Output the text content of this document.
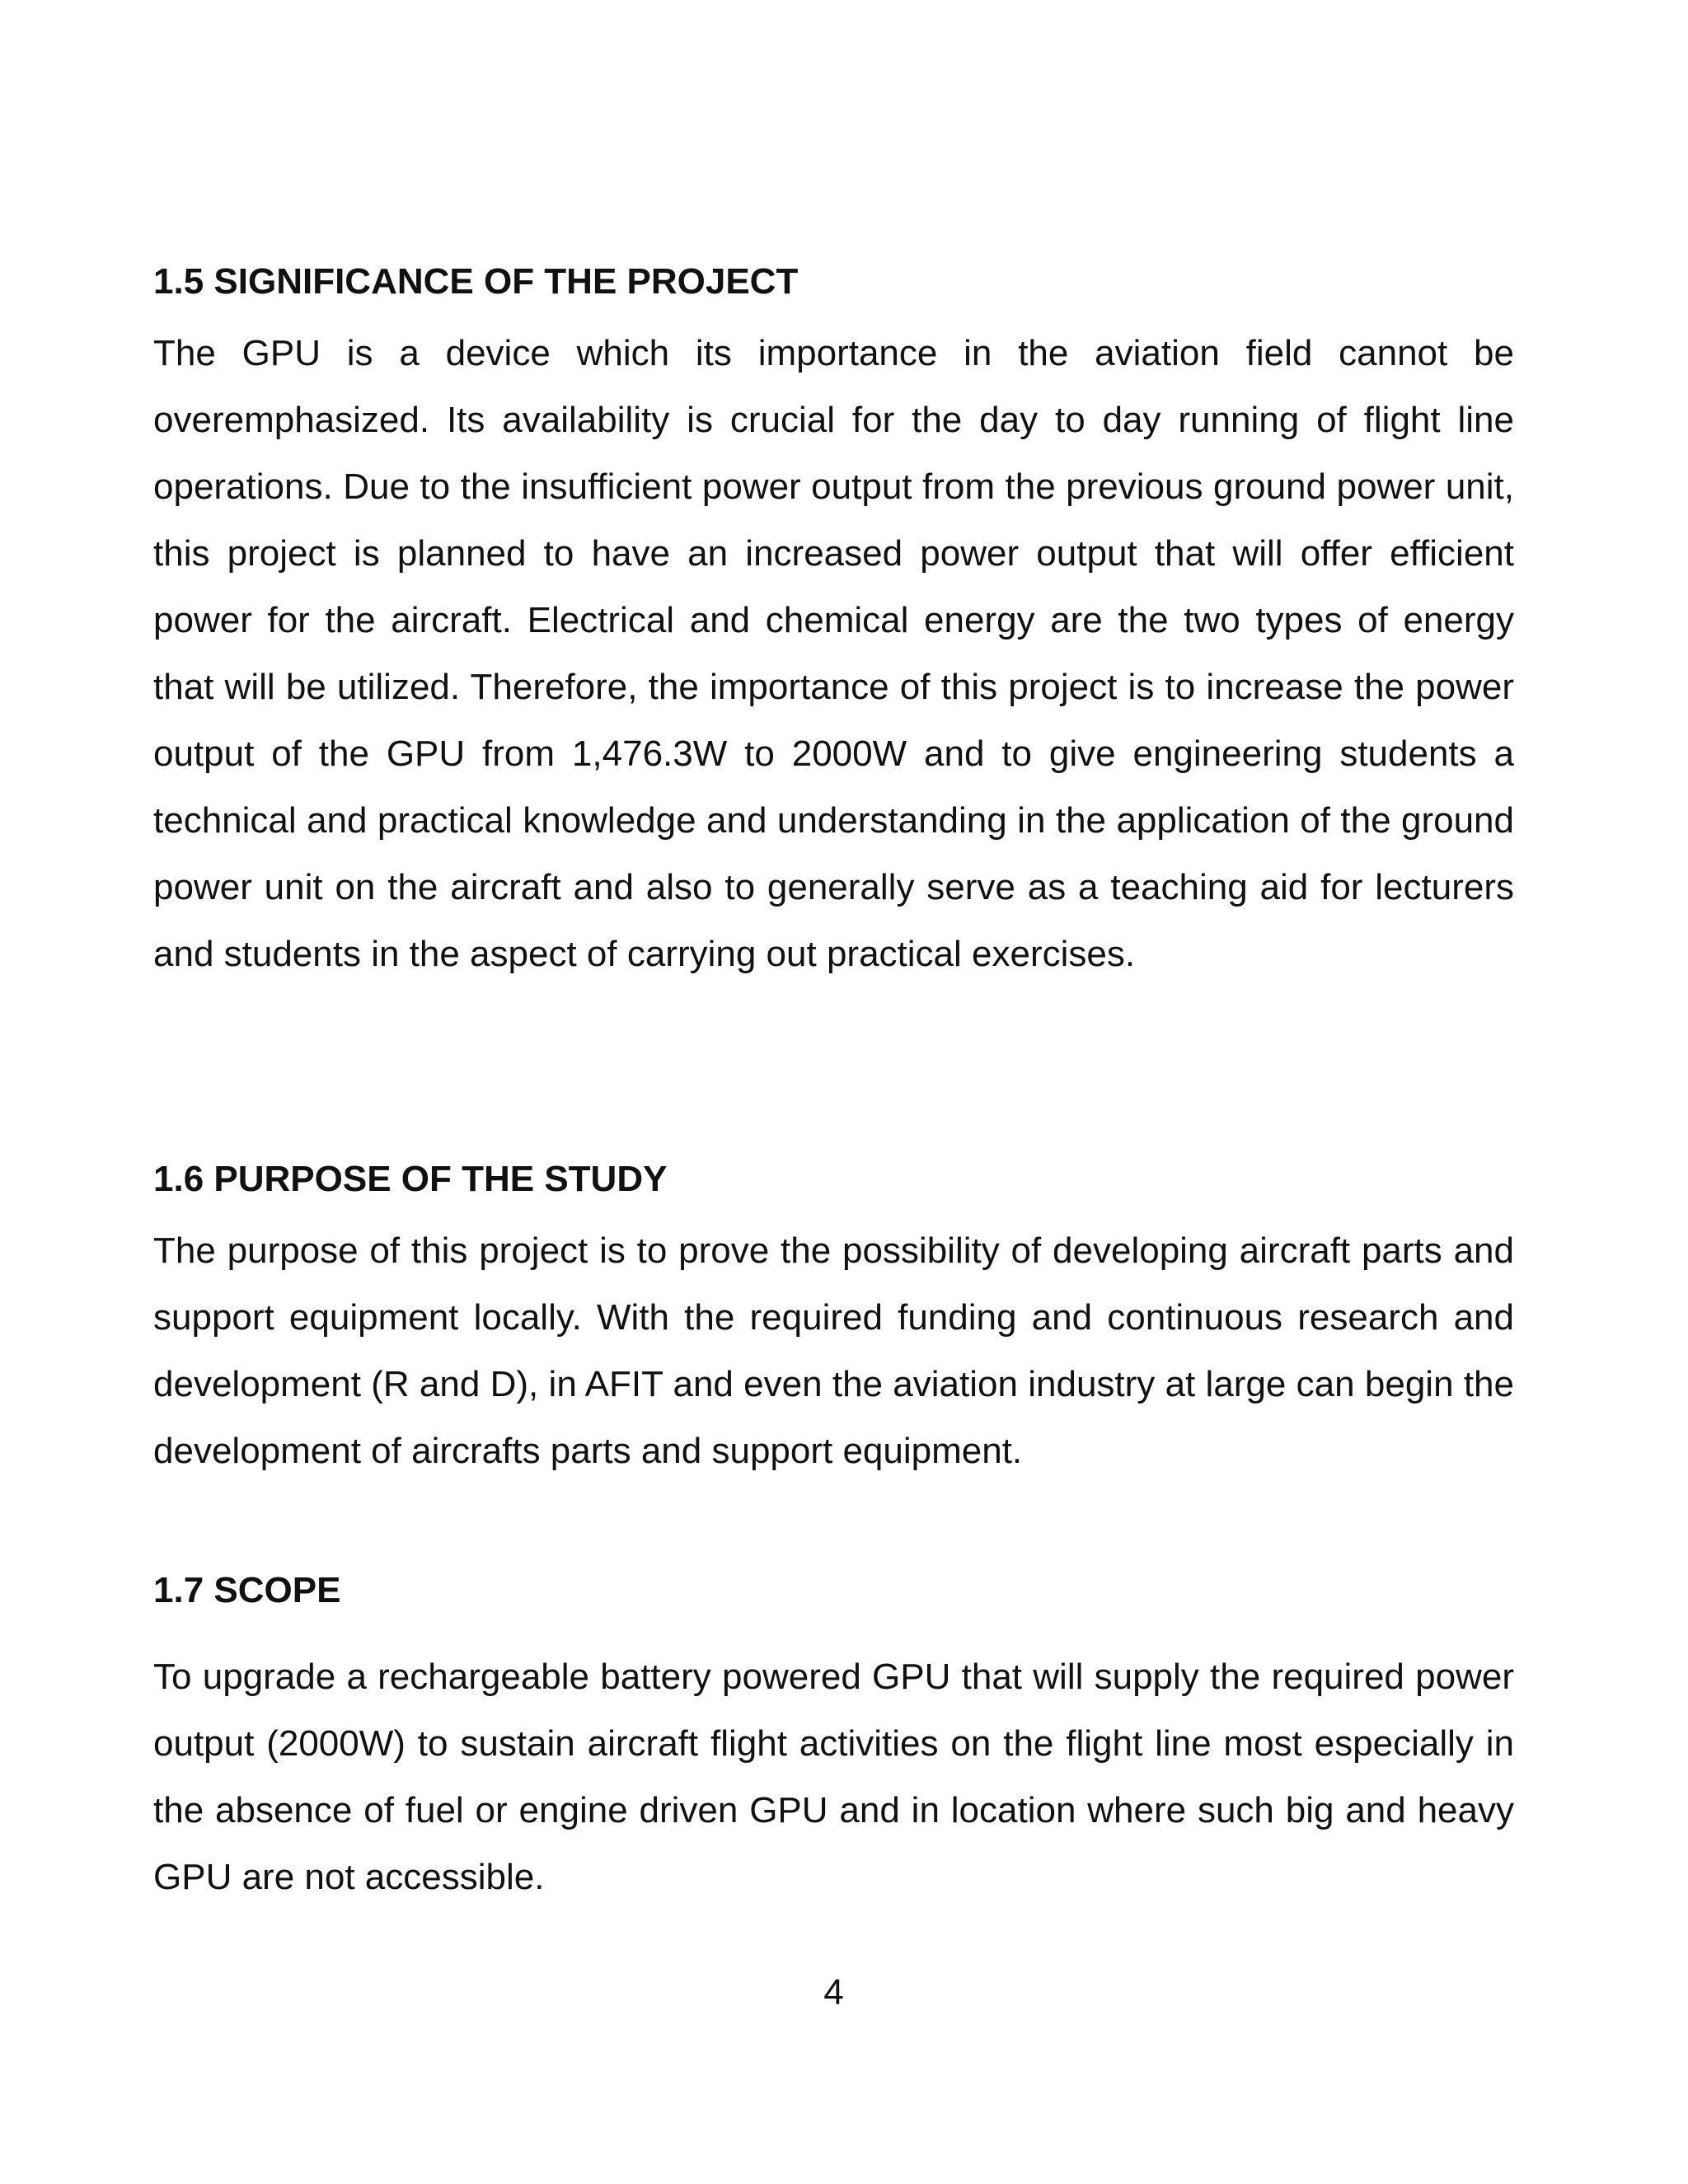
1.5 SIGNIFICANCE OF THE PROJECT

The GPU is a device which its importance in the aviation field cannot be overemphasized. Its availability is crucial for the day to day running of flight line operations. Due to the insufficient power output from the previous ground power unit, this project is planned to have an increased power output that will offer efficient power for the aircraft. Electrical and chemical energy are the two types of energy that will be utilized. Therefore, the importance of this project is to increase the power output of the GPU from 1,476.3W to 2000W and to give engineering students a technical and practical knowledge and understanding in the application of the ground power unit on the aircraft and also to generally serve as a teaching aid for lecturers and students in the aspect of carrying out practical exercises.

1.6 PURPOSE OF THE STUDY

The purpose of this project is to prove the possibility of developing aircraft parts and support equipment locally. With the required funding and continuous research and development (R and D), in AFIT and even the aviation industry at large can begin the development of aircrafts parts and support equipment.

1.7 SCOPE

To upgrade a rechargeable battery powered GPU that will supply the required power output (2000W) to sustain aircraft flight activities on the flight line most especially in the absence of fuel or engine driven GPU and in location where such big and heavy GPU are not accessible.

4
